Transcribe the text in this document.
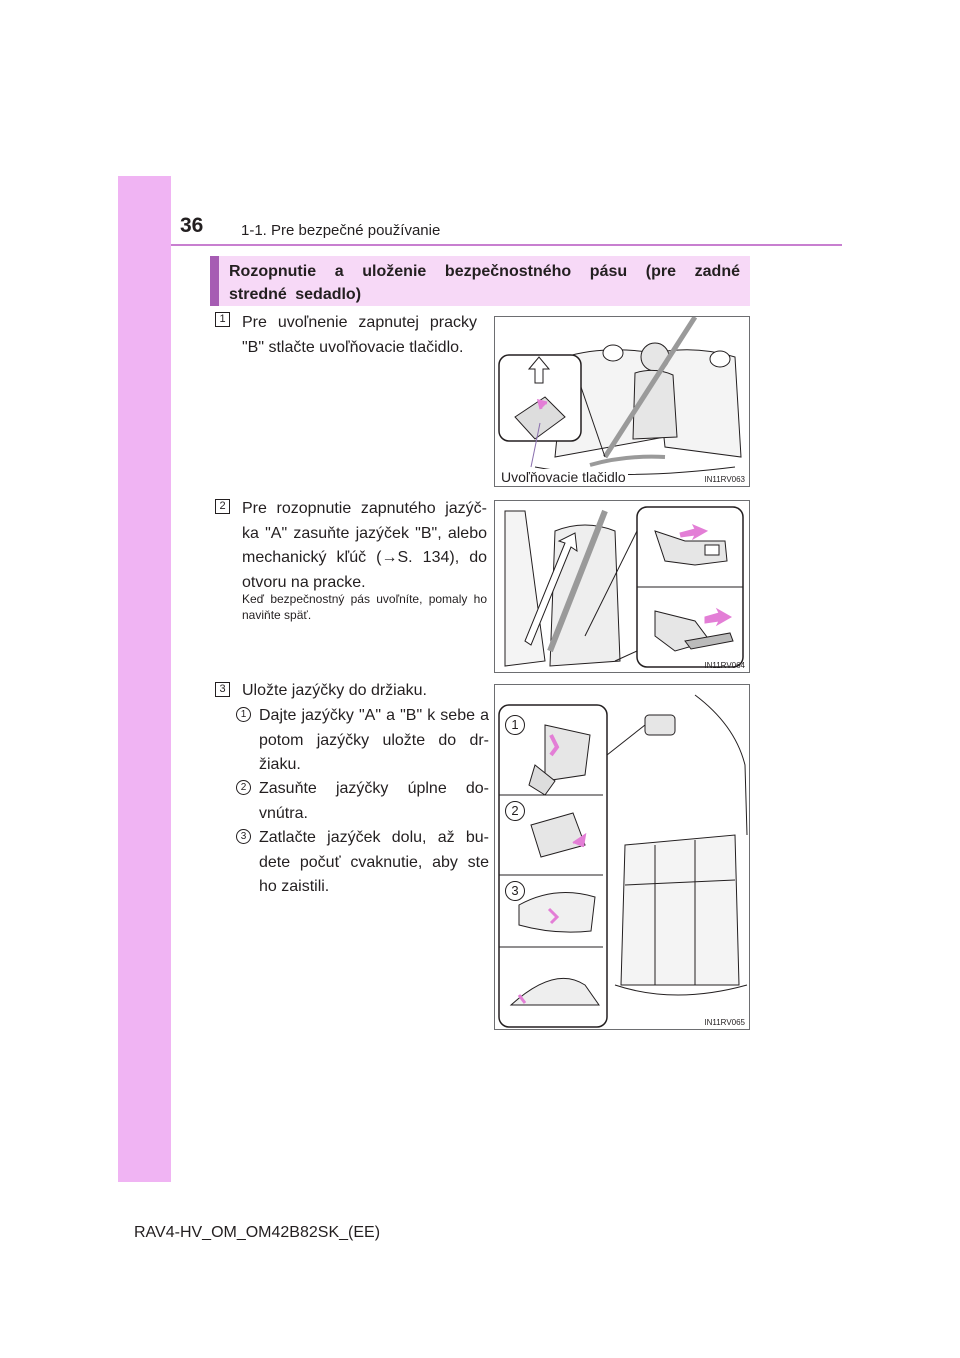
36	1-1. Pre bezpečné používanie
Rozopnutie a uloženie bezpečnostného pásu (pre zadné stredné sedadlo)
1 Pre uvoľnenie zapnutej pracky "B" stlačte uvoľňovacie tlačidlo.
Uvoľňovacie tlačidlo	IN11RV063
2 Pre rozopnutie zapnutého jazýč-ka "A" zasuňte jazýček "B", alebo mechanický kľúč (→S. 134), do otvoru na pracke.
Keď bezpečnostný pás uvoľníte, pomaly ho naviňte späť.
IN11RV064
3 Uložte jazýčky do držiaku.
1 Dajte jazýčky "A" a "B" k sebe a potom jazýčky uložte do dr-žiaku.
2 Zasuňte jazýčky úplne do-vnútra.
3 Zatlačte jazýček dolu, až bu-dete počuť cvaknutie, aby ste ho zaistili.
1
2
3
IN11RV065
RAV4-HV_OM_OM42B82SK_(EE)
